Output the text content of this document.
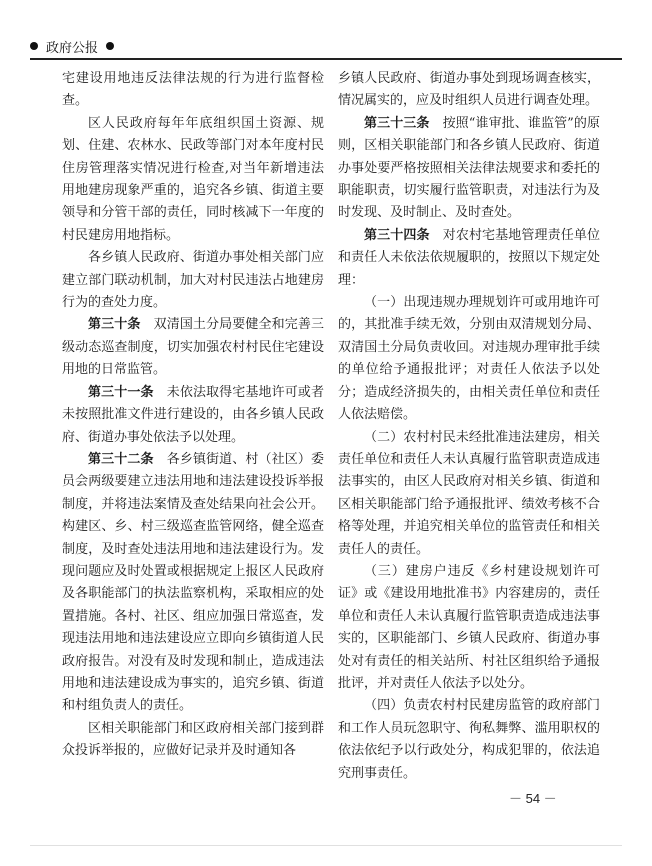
政府公报

宅建设用地违反法律法规的行为进行监督检查。

区人民政府每年年底组织国土资源、规划、住建、农林水、民政等部门对本年度村民住房管理落实情况进行检查,对当年新增违法用地建房现象严重的，追究各乡镇、街道主要领导和分管干部的责任，同时核减下一年度的村民建房用地指标。

各乡镇人民政府、街道办事处相关部门应建立部门联动机制，加大对村民违法占地建房行为的查处力度。

第三十条　双清国土分局要健全和完善三级动态巡查制度，切实加强农村村民住宅建设用地的日常监管。

第三十一条　未依法取得宅基地许可或者未按照批准文件进行建设的，由各乡镇人民政府、街道办事处依法予以处理。

第三十二条　各乡镇街道、村（社区）委员会两级要建立违法用地和违法建设投诉举报制度，并将违法案情及查处结果向社会公开。构建区、乡、村三级巡查监管网络，健全巡查制度，及时查处违法用地和违法建设行为。发现问题应及时处置或根据规定上报区人民政府及各职能部门的执法监察机构，采取相应的处置措施。各村、社区、组应加强日常巡查，发现违法用地和违法建设应立即向乡镇街道人民政府报告。对没有及时发现和制止，造成违法用地和违法建设成为事实的，追究乡镇、街道和村组负责人的责任。

区相关职能部门和区政府相关部门接到群众投诉举报的，应做好记录并及时通知各

乡镇人民政府、街道办事处到现场调查核实，情况属实的，应及时组织人员进行调查处理。

第三十三条　按照“谁审批、谁监管”的原则，区相关职能部门和各乡镇人民政府、街道办事处要严格按照相关法律法规要求和委托的职能职责，切实履行监管职责，对违法行为及时发现、及时制止、及时查处。

第三十四条　对农村宅基地管理责任单位和责任人未依法依规履职的，按照以下规定处理：

（一）出现违规办理规划许可或用地许可的，其批准手续无效，分别由双清规划分局、双清国土分局负责收回。对违规办理审批手续的单位给予通报批评；对责任人依法予以处分；造成经济损失的，由相关责任单位和责任人依法赔偿。

（二）农村村民未经批准违法建房，相关责任单位和责任人未认真履行监管职责造成违法事实的，由区人民政府对相关乡镇、街道和区相关职能部门给予通报批评、绩效考核不合格等处理，并追究相关单位的监管责任和相关责任人的责任。

（三）建房户违反《乡村建设规划许可证》或《建设用地批准书》内容建房的，责任单位和责任人未认真履行监管职责造成违法事实的，区职能部门、乡镇人民政府、街道办事处对有责任的相关站所、村社区组织给予通报批评，并对责任人依法予以处分。

（四）负责农村村民建房监管的政府部门和工作人员玩忽职守、徇私舞弊、滥用职权的依法依纪予以行政处分，构成犯罪的，依法追究刑事责任。

－ 54 －
